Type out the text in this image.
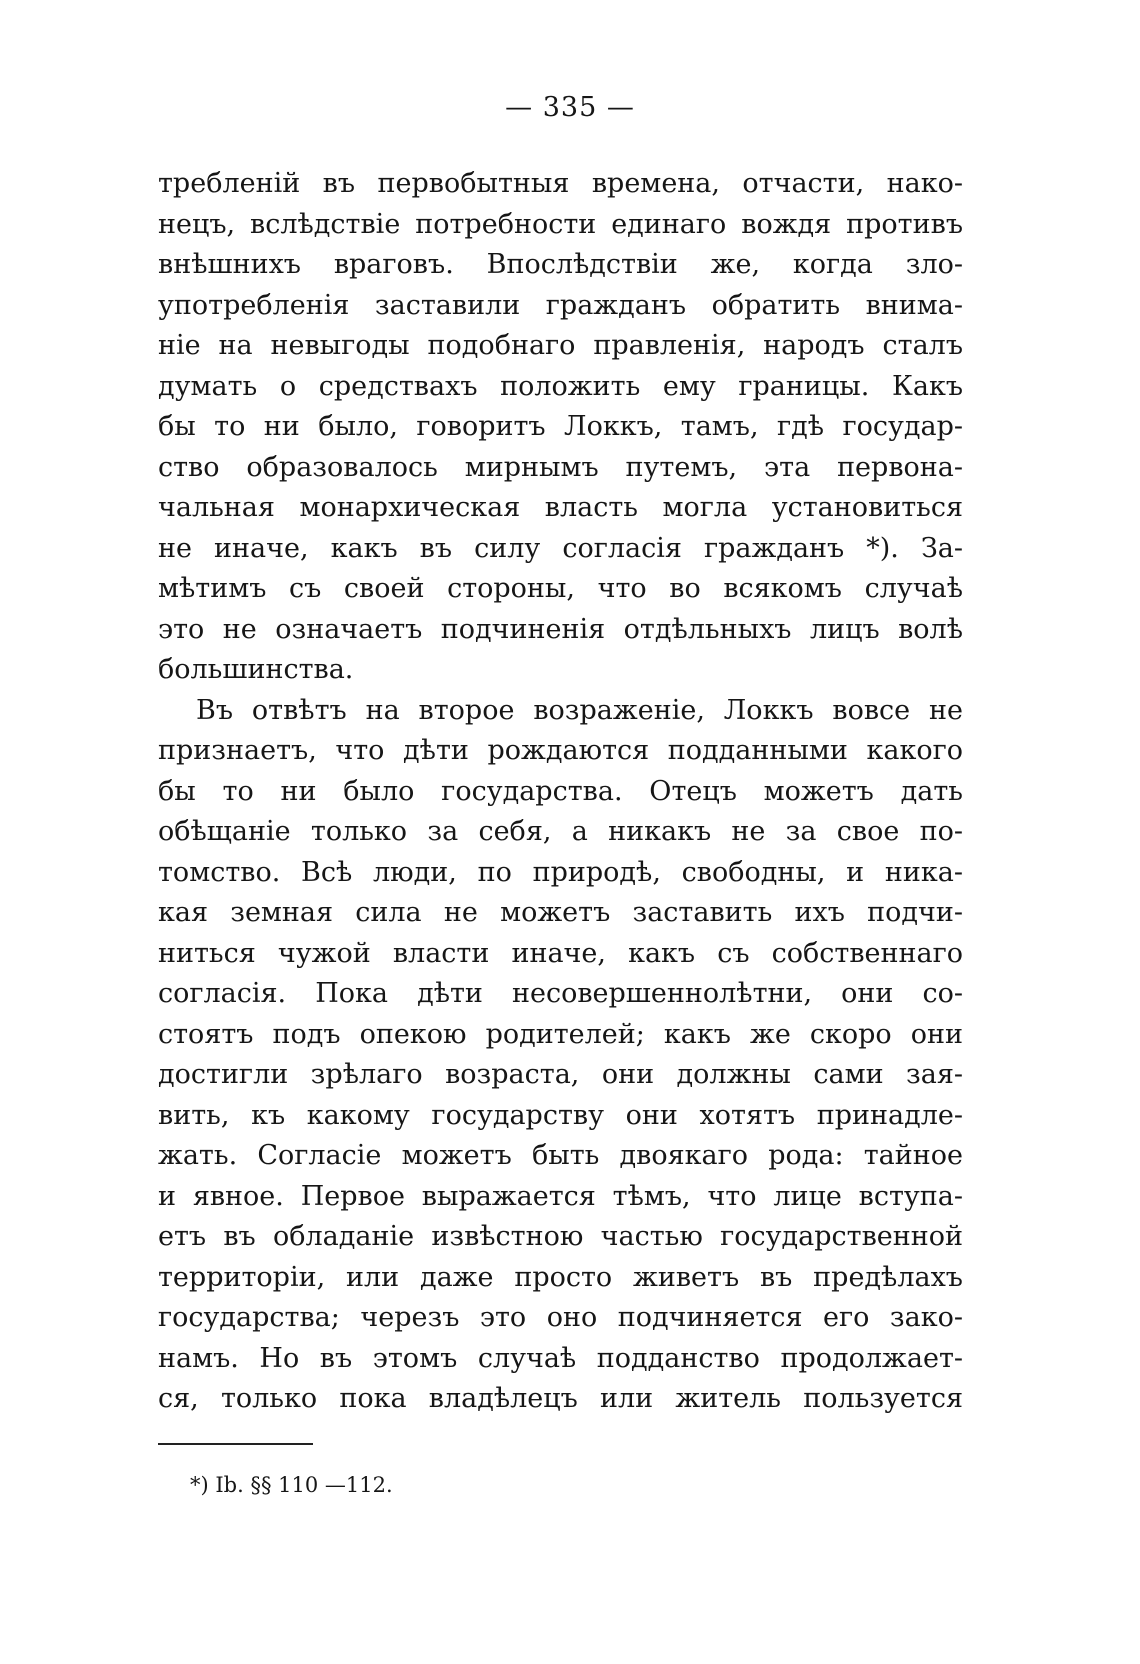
— 335 —
требленій въ первобытныя времена, отчасти, нако-
нецъ, вслѣдствіе потребности единаго вождя противъ
внѣшнихъ враговъ. Впослѣдствіи же, когда зло-
употребленія заставили гражданъ обратить внима-
ніе на невыгоды подобнаго правленія, народъ сталъ
думать о средствахъ положить ему границы. Какъ
бы то ни было, говоритъ Локкъ, тамъ, гдѣ государ-
ство образовалось мирнымъ путемъ, эта первона-
чальная монархическая власть могла установиться
не иначе, какъ въ силу согласія гражданъ *). За-
мѣтимъ съ своей стороны, что во всякомъ случаѣ
это не означаетъ подчиненія отдѣльныхъ лицъ волѣ
большинства.
Въ отвѣтъ на второе возраженіе, Локкъ вовсе не
признаетъ, что дѣти рождаются подданными какого
бы то ни было государства. Отецъ можетъ дать
обѣщаніе только за себя, а никакъ не за свое по-
томство. Всѣ люди, по природѣ, свободны, и ника-
кая земная сила не можетъ заставить ихъ подчи-
ниться чужой власти иначе, какъ съ собственнаго
согласія. Пока дѣти несовершеннолѣтни, они со-
стоятъ подъ опекою родителей; какъ же скоро они
достигли зрѣлаго возраста, они должны сами зая-
вить, къ какому государству они хотятъ принадле-
жать. Согласіе можетъ быть двоякаго рода: тайное
и явное. Первое выражается тѣмъ, что лице вступа-
етъ въ обладаніе извѣстною частью государственной
территоріи, или даже просто живетъ въ предѣлахъ
государства; черезъ это оно подчиняется его зако-
намъ. Но въ этомъ случаѣ подданство продолжает-
ся, только пока владѣлецъ или житель пользуется
*) Ib. §§ 110 —112.
